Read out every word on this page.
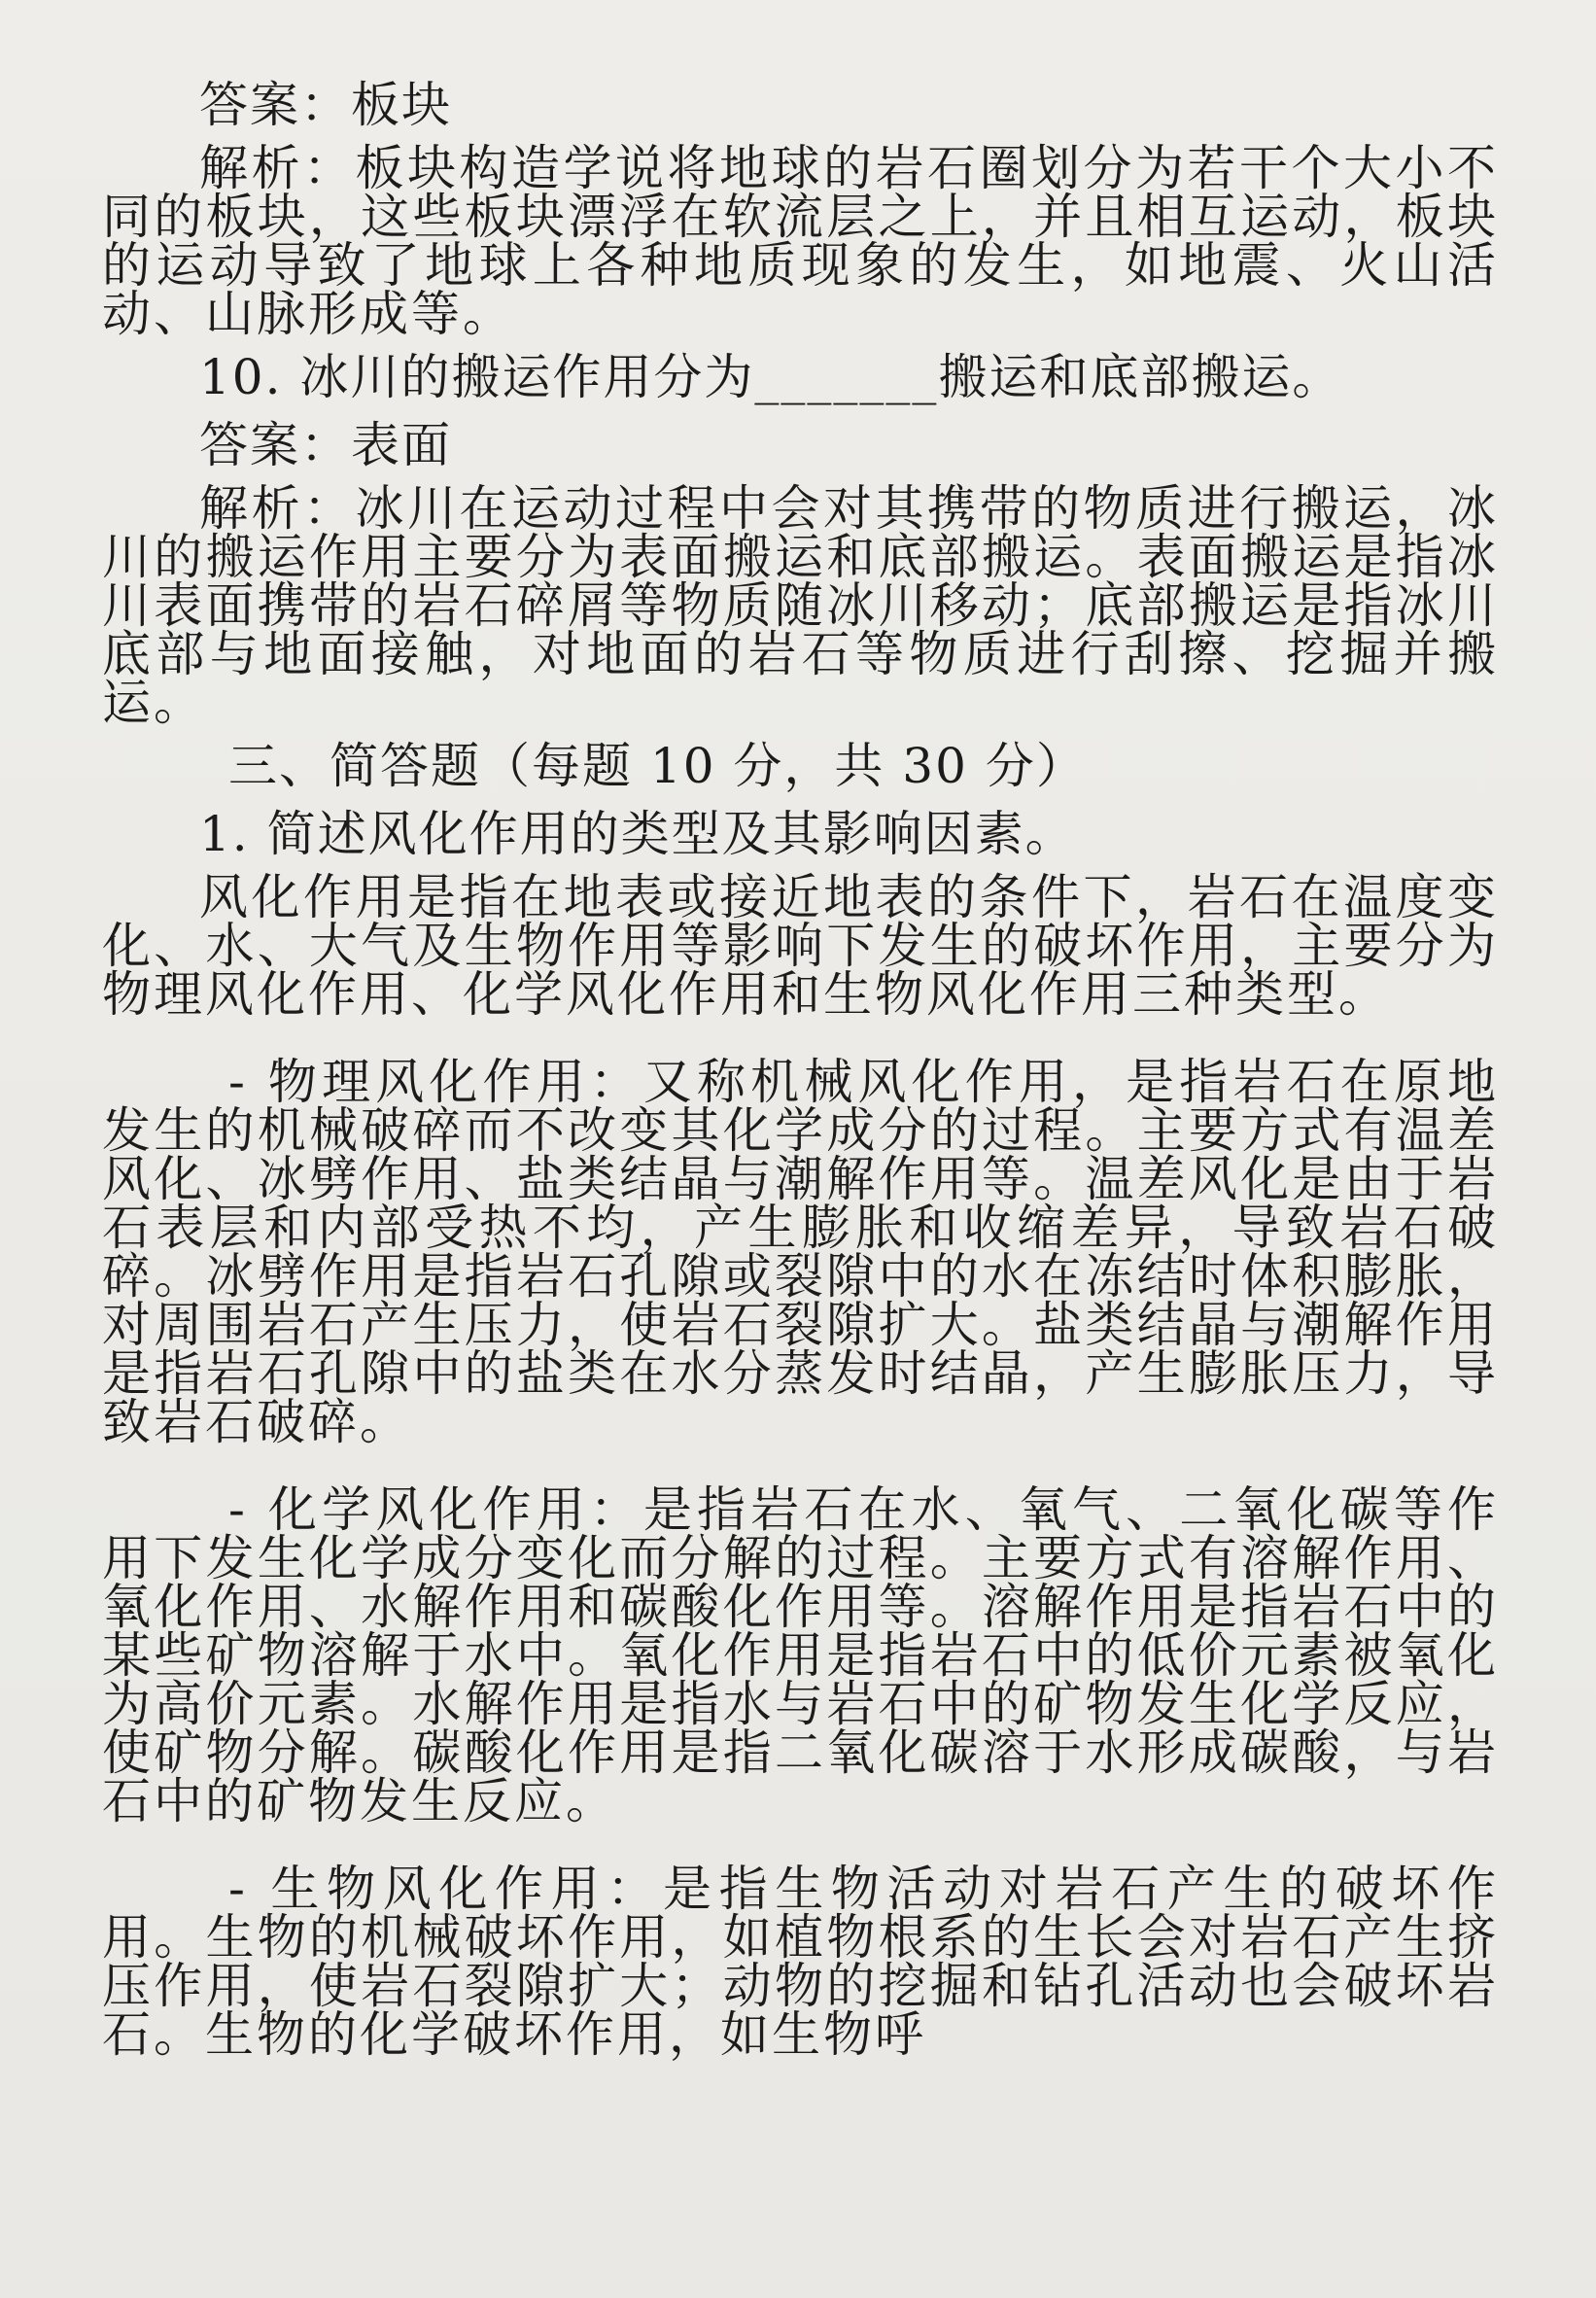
答案：板块

解析：板块构造学说将地球的岩石圈划分为若干个大小不同的板块，这些板块漂浮在软流层之上，并且相互运动，板块的运动导致了地球上各种地质现象的发生，如地震、火山活动、山脉形成等。

10. 冰川的搬运作用分为_______搬运和底部搬运。

答案：表面

解析：冰川在运动过程中会对其携带的物质进行搬运，冰川的搬运作用主要分为表面搬运和底部搬运。表面搬运是指冰川表面携带的岩石碎屑等物质随冰川移动；底部搬运是指冰川底部与地面接触，对地面的岩石等物质进行刮擦、挖掘并搬运。

三、简答题（每题 10 分，共 30 分）

1. 简述风化作用的类型及其影响因素。

风化作用是指在地表或接近地表的条件下，岩石在温度变化、水、大气及生物作用等影响下发生的破坏作用，主要分为物理风化作用、化学风化作用和生物风化作用三种类型。

- 物理风化作用：又称机械风化作用，是指岩石在原地发生的机械破碎而不改变其化学成分的过程。主要方式有温差风化、冰劈作用、盐类结晶与潮解作用等。温差风化是由于岩石表层和内部受热不均，产生膨胀和收缩差异，导致岩石破碎。冰劈作用是指岩石孔隙或裂隙中的水在冻结时体积膨胀，对周围岩石产生压力，使岩石裂隙扩大。盐类结晶与潮解作用是指岩石孔隙中的盐类在水分蒸发时结晶，产生膨胀压力，导致岩石破碎。

- 化学风化作用：是指岩石在水、氧气、二氧化碳等作用下发生化学成分变化而分解的过程。主要方式有溶解作用、氧化作用、水解作用和碳酸化作用等。溶解作用是指岩石中的某些矿物溶解于水中。氧化作用是指岩石中的低价元素被氧化为高价元素。水解作用是指水与岩石中的矿物发生化学反应，使矿物分解。碳酸化作用是指二氧化碳溶于水形成碳酸，与岩石中的矿物发生反应。

- 生物风化作用：是指生物活动对岩石产生的破坏作用。生物的机械破坏作用，如植物根系的生长会对岩石产生挤压作用，使岩石裂隙扩大；动物的挖掘和钻孔活动也会破坏岩石。生物的化学破坏作用，如生物呼
